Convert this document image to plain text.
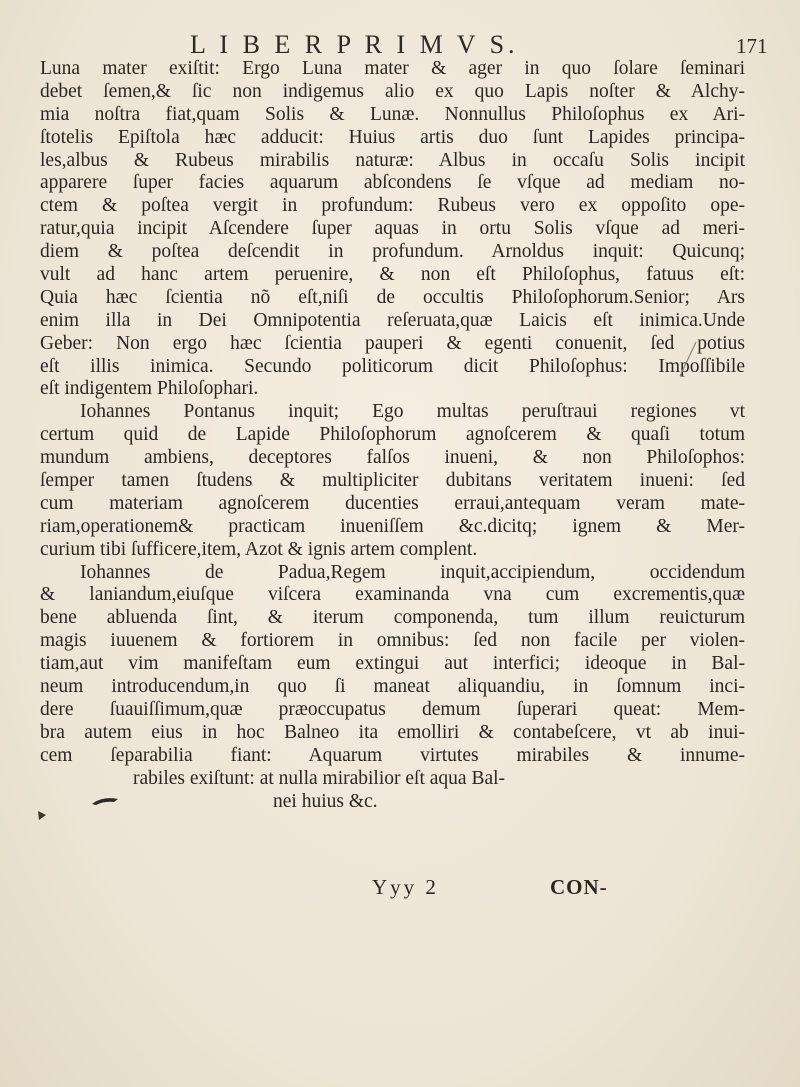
L I B E R P R I M V S.	171
Luna mater exiſtit: Ergo Luna mater & ager in quo ſolare ſeminari
debet ſemen,& ſic non indigemus alio ex quo Lapis noſter & Alchy-
mia noſtra fiat,quam Solis & Lunæ. Nonnullus Philoſophus ex Ari-
ſtotelis Epiſtola hæc adducit: Huius artis duo ſunt Lapides principa-
les,albus & Rubeus mirabilis naturæ: Albus in occaſu Solis incipit
apparere ſuper facies aquarum abſcondens ſe vſque ad mediam no-
ctem & poſtea vergit in profundum: Rubeus vero ex oppoſito ope-
ratur,quia incipit Aſcendere ſuper aquas in ortu Solis vſque ad meri-
diem & poſtea deſcendit in profundum. Arnoldus inquit: Quicunq;
vult ad hanc artem peruenire, & non eſt Philoſophus, fatuus eſt:
Quia hæc ſcientia nõ eſt,niſi de occultis Philoſophorum.Senior; Ars
enim illa in Dei Omnipotentia reſeruata,quæ Laicis eſt inimica.Unde
Geber: Non ergo hæc ſcientia pauperi & egenti conuenit, ſed potius
eſt illis inimica. Secundo politicorum dicit Philoſophus: Impoſſibile
eſt indigentem Philoſophari.
Iohannes Pontanus inquit; Ego multas peruſtraui regiones vt
certum quid de Lapide Philoſophorum agnoſcerem & quaſi totum
mundum ambiens, deceptores falſos inueni, & non Philoſophos:
ſemper tamen ſtudens & multipliciter dubitans veritatem inueni: ſed
cum materiam agnoſcerem ducenties erraui,antequam veram mate-
riam,operationem& practicam inueniſſem &c.dicitq; ignem & Mer-
curium tibi ſufficere,item, Azot & ignis artem complent.
Iohannes de Padua,Regem inquit,accipiendum, occidendum
& laniandum,eiuſque viſcera examinanda vna cum excrementis,quæ
bene abluenda ſint, & iterum componenda, tum illum reuicturum
magis iuuenem & fortiorem in omnibus: ſed non facile per violen-
tiam,aut vim manifeſtam eum extingui aut interfici; ideoque in Bal-
neum introducendum,in quo ſi maneat aliquandiu, in ſomnum inci-
dere ſuauiſſimum,quæ præoccupatus demum ſuperari queat: Mem-
bra autem eius in hoc Balneo ita emolliri & contabeſcere, vt ab inui-
cem ſeparabilia fiant: Aquarum virtutes mirabiles & innume-
rabiles exiſtunt: at nulla mirabilior eſt aqua Bal-
nei huius &c.
Yyy 2	CON-
